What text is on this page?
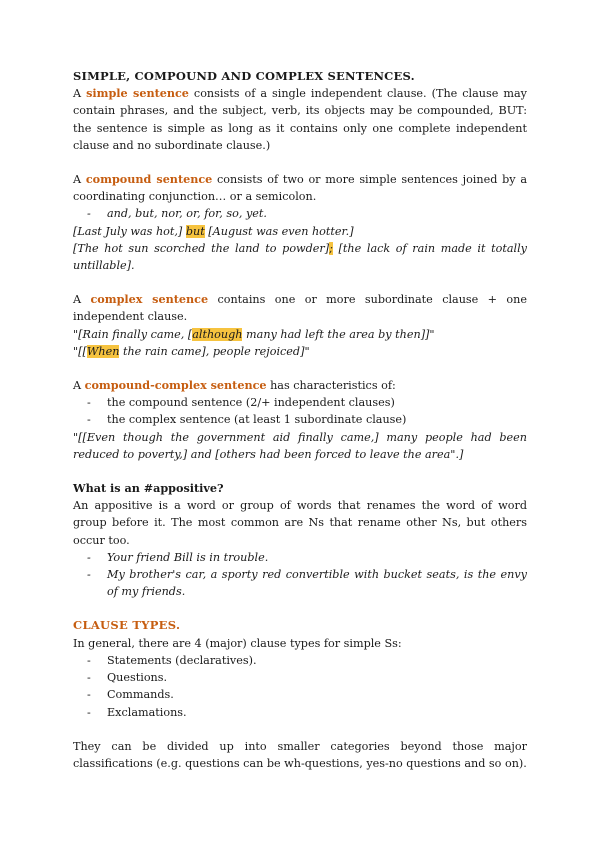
SIMPLE, COMPOUND AND COMPLEX SENTENCES.

A simple sentence consists of a single independent clause. (The clause may contain phrases, and the subject, verb, its objects may be compounded, BUT: the sentence is simple as long as it contains only one complete independent clause and no subordinate clause.)

A compound sentence consists of two or more simple sentences joined by a coordinating conjunction… or a semicolon.

- and, but, nor, or, for, so, yet.

[Last July was hot,] but [August was even hotter.]

[The hot sun scorched the land to powder]; [the lack of rain made it totally untillable].

A complex sentence contains one or more subordinate clause + one independent clause.

"[Rain finally came, [although many had left the area by then]]"

"[[When the rain came], people rejoiced]"

A compound-complex sentence has characteristics of:

- the compound sentence (2/+ independent clauses)
- the complex sentence (at least 1 subordinate clause)

"[[Even though the government aid finally came,] many people had been reduced to poverty,] and [others had been forced to leave the area".]

What is an #appositive?

An appositive is a word or group of words that renames the word of word group before it. The most common are Ns that rename other Ns, but others occur too.

- Your friend Bill is in trouble.
- My brother's car, a sporty red convertible with bucket seats, is the envy of my friends.
CLAUSE TYPES.

In general, there are 4 (major) clause types for simple Ss:

- Statements (declaratives).
- Questions.
- Commands.
- Exclamations.

They can be divided up into smaller categories beyond those major classifications (e.g. questions can be wh-questions, yes-no questions and so on).
